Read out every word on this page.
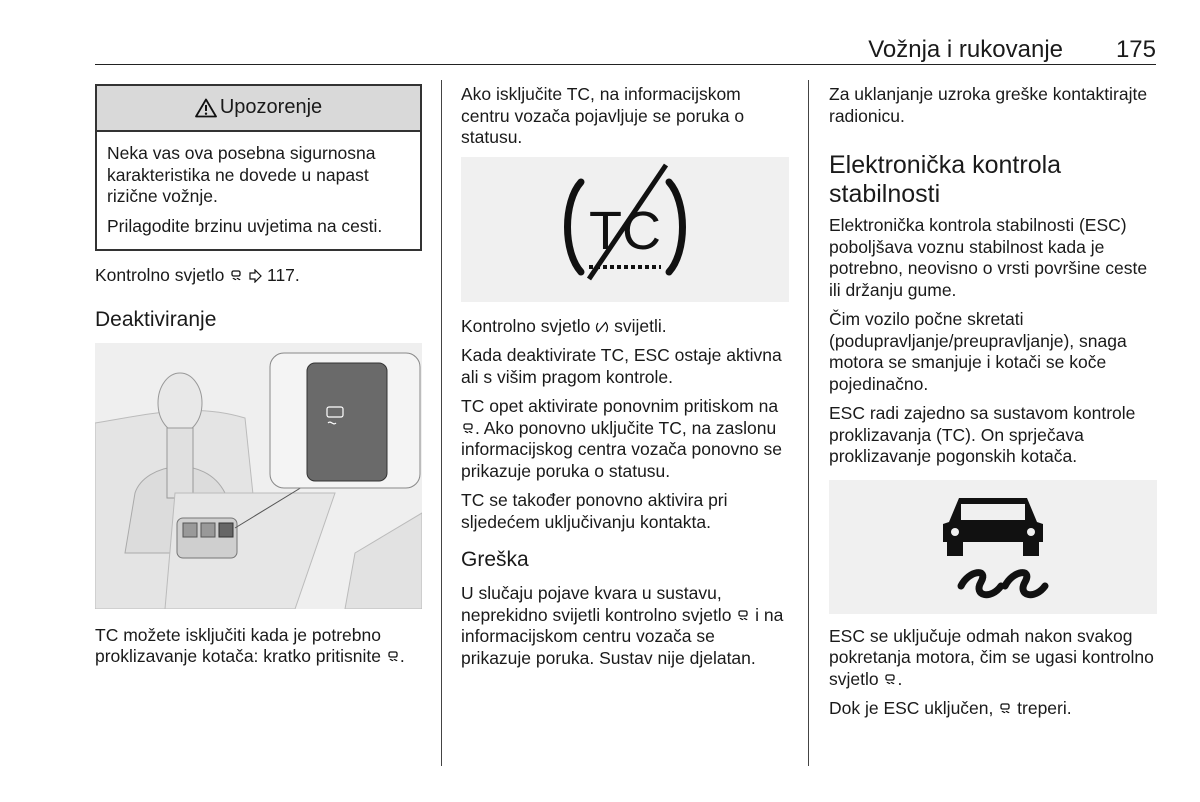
Vožnja i rukovanje 175
Upozorenje

Neka vas ova posebna sigurnosna karakteristika ne dovede u napast rizične vožnje.

Prilagodite brzinu uvjetima na cesti.

Kontrolno svjetlo 117.

Deaktiviranje

TC možete isključiti kada je potrebno proklizavanje kotača: kratko pritisnite .

Ako isključite TC, na informacijskom centru vozača pojavljuje se poruka o statusu.

TC

Kontrolno svjetlo svijetli.

Kada deaktivirate TC, ESC ostaje aktivna ali s višim pragom kontrole.

TC opet aktivirate ponovnim pritiskom na . Ako ponovno uključite TC, na zaslonu informacijskog centra vozača ponovno se prikazuje poruka o statusu.

TC se također ponovno aktivira pri sljedećem uključivanju kontakta.

Greška

U slučaju pojave kvara u sustavu, neprekidno svijetli kontrolno svjetlo i na informacijskom centru vozača se prikazuje poruka. Sustav nije djelatan.

Za uklanjanje uzroka greške kontaktirajte radionicu.

Elektronička kontrola stabilnosti

Elektronička kontrola stabilnosti (ESC) poboljšava voznu stabilnost kada je potrebno, neovisno o vrsti površine ceste ili držanju gume.

Čim vozilo počne skretati (podupravljanje/preupravljanje), snaga motora se smanjuje i kotači se koče pojedinačno.

ESC radi zajedno sa sustavom kontrole proklizavanja (TC). On sprječava proklizavanje pogonskih kotača.

ESC se uključuje odmah nakon svakog pokretanja motora, čim se ugasi kontrolno svjetlo .

Dok je ESC uključen, treperi.
